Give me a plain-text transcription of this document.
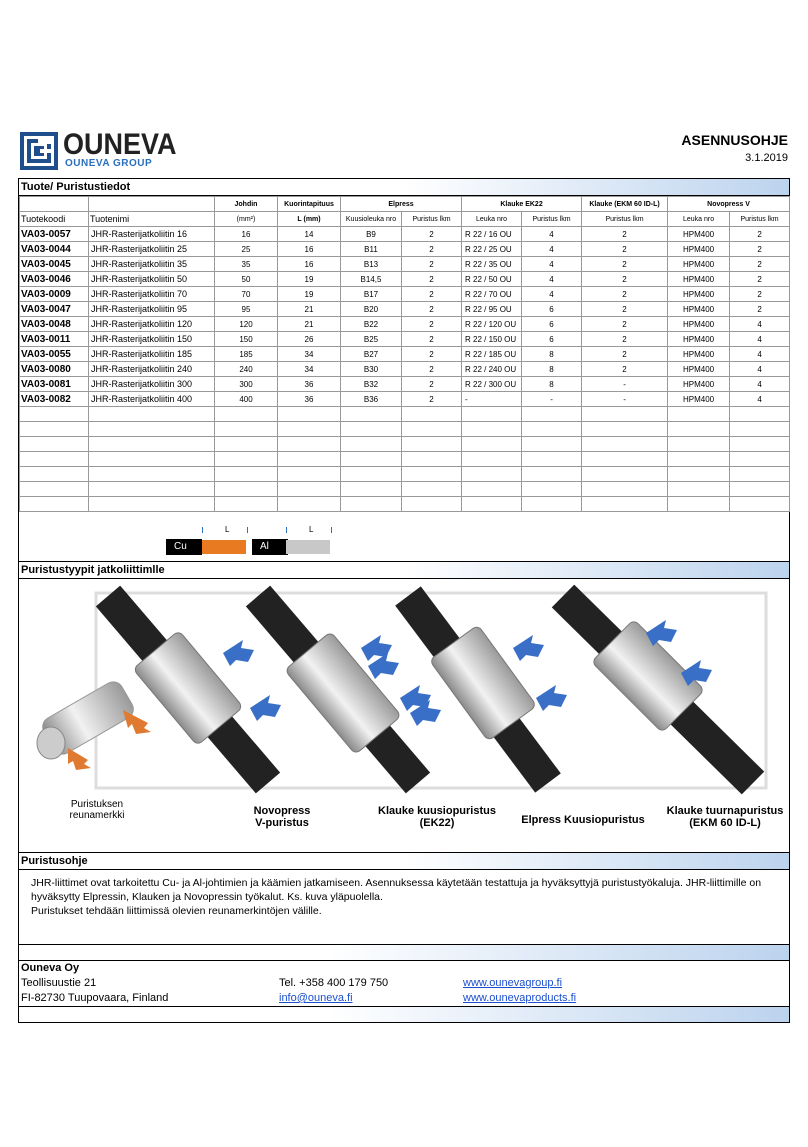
OUNEVA
OUNEVA GROUP
ASENNUSOHJE
3.1.2019
Tuote/ Puristustiedot
		Johdin	Kuorintapituus	Elpress		Klauke EK22		Klauke (EKM 60 ID-L)	Novopress V	
Tuotekoodi	Tuotenimi	(mm²)	L (mm)	Kuusioleuka nro	Puristus lkm	Leuka nro	Puristus lkm	Puristus lkm	Leuka nro	Puristus lkm
VA03-0057	JHR-Rasterijatkoliitin 16	16	14	B9	2	R 22 / 16 OU	4	2	HPM400	2
VA03-0044	JHR-Rasterijatkoliitin 25	25	16	B11	2	R 22 / 25 OU	4	2	HPM400	2
VA03-0045	JHR-Rasterijatkoliitin 35	35	16	B13	2	R 22 / 35 OU	4	2	HPM400	2
VA03-0046	JHR-Rasterijatkoliitin 50	50	19	B14,5	2	R 22 / 50 OU	4	2	HPM400	2
VA03-0009	JHR-Rasterijatkoliitin 70	70	19	B17	2	R 22 / 70 OU	4	2	HPM400	2
VA03-0047	JHR-Rasterijatkoliitin 95	95	21	B20	2	R 22 / 95 OU	6	2	HPM400	2
VA03-0048	JHR-Rasterijatkoliitin 120	120	21	B22	2	R 22 / 120 OU	6	2	HPM400	4
VA03-0011	JHR-Rasterijatkoliitin 150	150	26	B25	2	R 22 / 150 OU	6	2	HPM400	4
VA03-0055	JHR-Rasterijatkoliitin 185	185	34	B27	2	R 22 / 185 OU	8	2	HPM400	4
VA03-0080	JHR-Rasterijatkoliitin 240	240	34	B30	2	R 22 / 240 OU	8	2	HPM400	4
VA03-0081	JHR-Rasterijatkoliitin 300	300	36	B32	2	R 22 / 300 OU	8	-	HPM400	4
VA03-0082	JHR-Rasterijatkoliitin 400	400	36	B36	2	-	-	-	HPM400	4

Cu
L
Al
L
Puristustyypit jatkoliittimlle
Puristuksen
reunamerkki	Novopress
V-puristus
Klauke kuusiopuristus
(EK22)	Elpress Kuusiopuristus
Klauke tuurnapuristus
(EKM 60 ID-L)
Puristusohje
JHR-liittimet ovat tarkoitettu Cu- ja Al-johtimien ja käämien jatkamiseen. Asennuksessa käytetään testattuja ja hyväksyttyjä puristustyökaluja. JHR-liittimille on hyväksytty Elpressin, Klauken ja Novopressin työkalut. Ks. kuva yläpuolella.
Puristukset tehdään liittimissä olevien reunamerkintöjen välille.
Ouneva Oy
Teollisuustie 21
FI-82730 Tuupovaara, Finland
Tel. +358 400 179 750
info@ouneva.fi
www.ounevagroup.fi
www.ounevaproducts.fi
